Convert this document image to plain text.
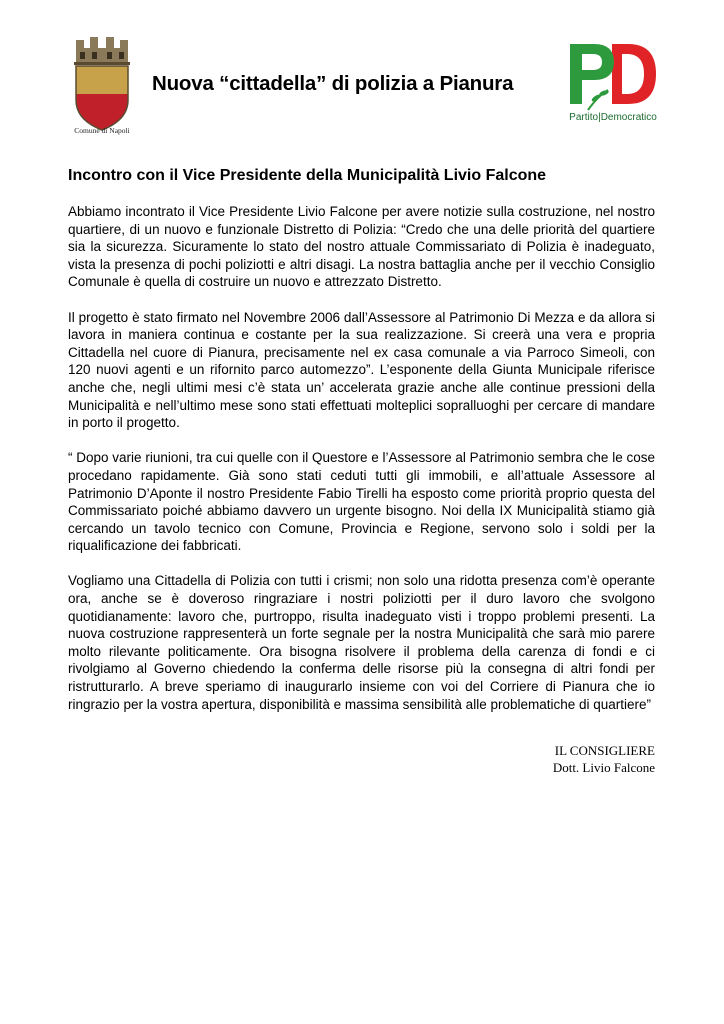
Comune di Napoli
Nuova “cittadella” di polizia a Pianura
Partito|Democratico
Incontro con il Vice Presidente della Municipalità Livio Falcone

Abbiamo incontrato il Vice Presidente Livio Falcone per avere notizie sulla costruzione, nel nostro quartiere, di un nuovo e funzionale Distretto di Polizia: “Credo che una delle priorità del quartiere sia la sicurezza. Sicuramente lo stato del nostro attuale Commissariato di Polizia è inadeguato, vista la presenza di pochi poliziotti e altri disagi. La nostra battaglia anche per il vecchio Consiglio Comunale è quella di costruire un nuovo e attrezzato Distretto.

Il progetto è stato firmato nel Novembre 2006 dall’Assessore al Patrimonio Di Mezza e da allora si lavora in maniera continua e costante per la sua realizzazione. Si creerà una vera e propria Cittadella nel cuore di Pianura, precisamente nel ex casa comunale a via Parroco Simeoli, con 120 nuovi agenti e un rifornito parco automezzo”. L’esponente della Giunta Municipale riferisce anche che, negli ultimi mesi c’è stata un’ accelerata grazie anche alle continue pressioni della Municipalità e nell’ultimo mese sono stati effettuati molteplici sopralluoghi per cercare di mandare in porto il progetto.

“ Dopo varie riunioni, tra cui quelle con il Questore e l’Assessore al Patrimonio sembra che le cose procedano rapidamente. Già sono stati ceduti tutti gli immobili, e all’attuale Assessore al Patrimonio D’Aponte il nostro Presidente Fabio Tirelli ha esposto come priorità proprio questa del Commissariato poiché abbiamo davvero un urgente bisogno. Noi della IX Municipalità stiamo già cercando un tavolo tecnico con Comune, Provincia e Regione, servono solo i soldi per la riqualificazione dei fabbricati.

Vogliamo una Cittadella di Polizia con tutti i crismi; non solo una ridotta presenza com’è operante ora, anche se è doveroso ringraziare i nostri poliziotti per il duro lavoro che svolgono quotidianamente: lavoro che, purtroppo, risulta inadeguato visti i troppo problemi presenti. La nuova costruzione rappresenterà un forte segnale per la nostra Municipalità che sarà mio parere molto rilevante politicamente. Ora bisogna risolvere il problema della carenza di fondi e ci rivolgiamo al Governo chiedendo la conferma delle risorse più la consegna di altri fondi per ristrutturarlo. A breve speriamo di inaugurarlo insieme con voi del Corriere di Pianura che io ringrazio per la vostra apertura, disponibilità e massima sensibilità alle problematiche di quartiere”

IL CONSIGLIERE
Dott. Livio Falcone
